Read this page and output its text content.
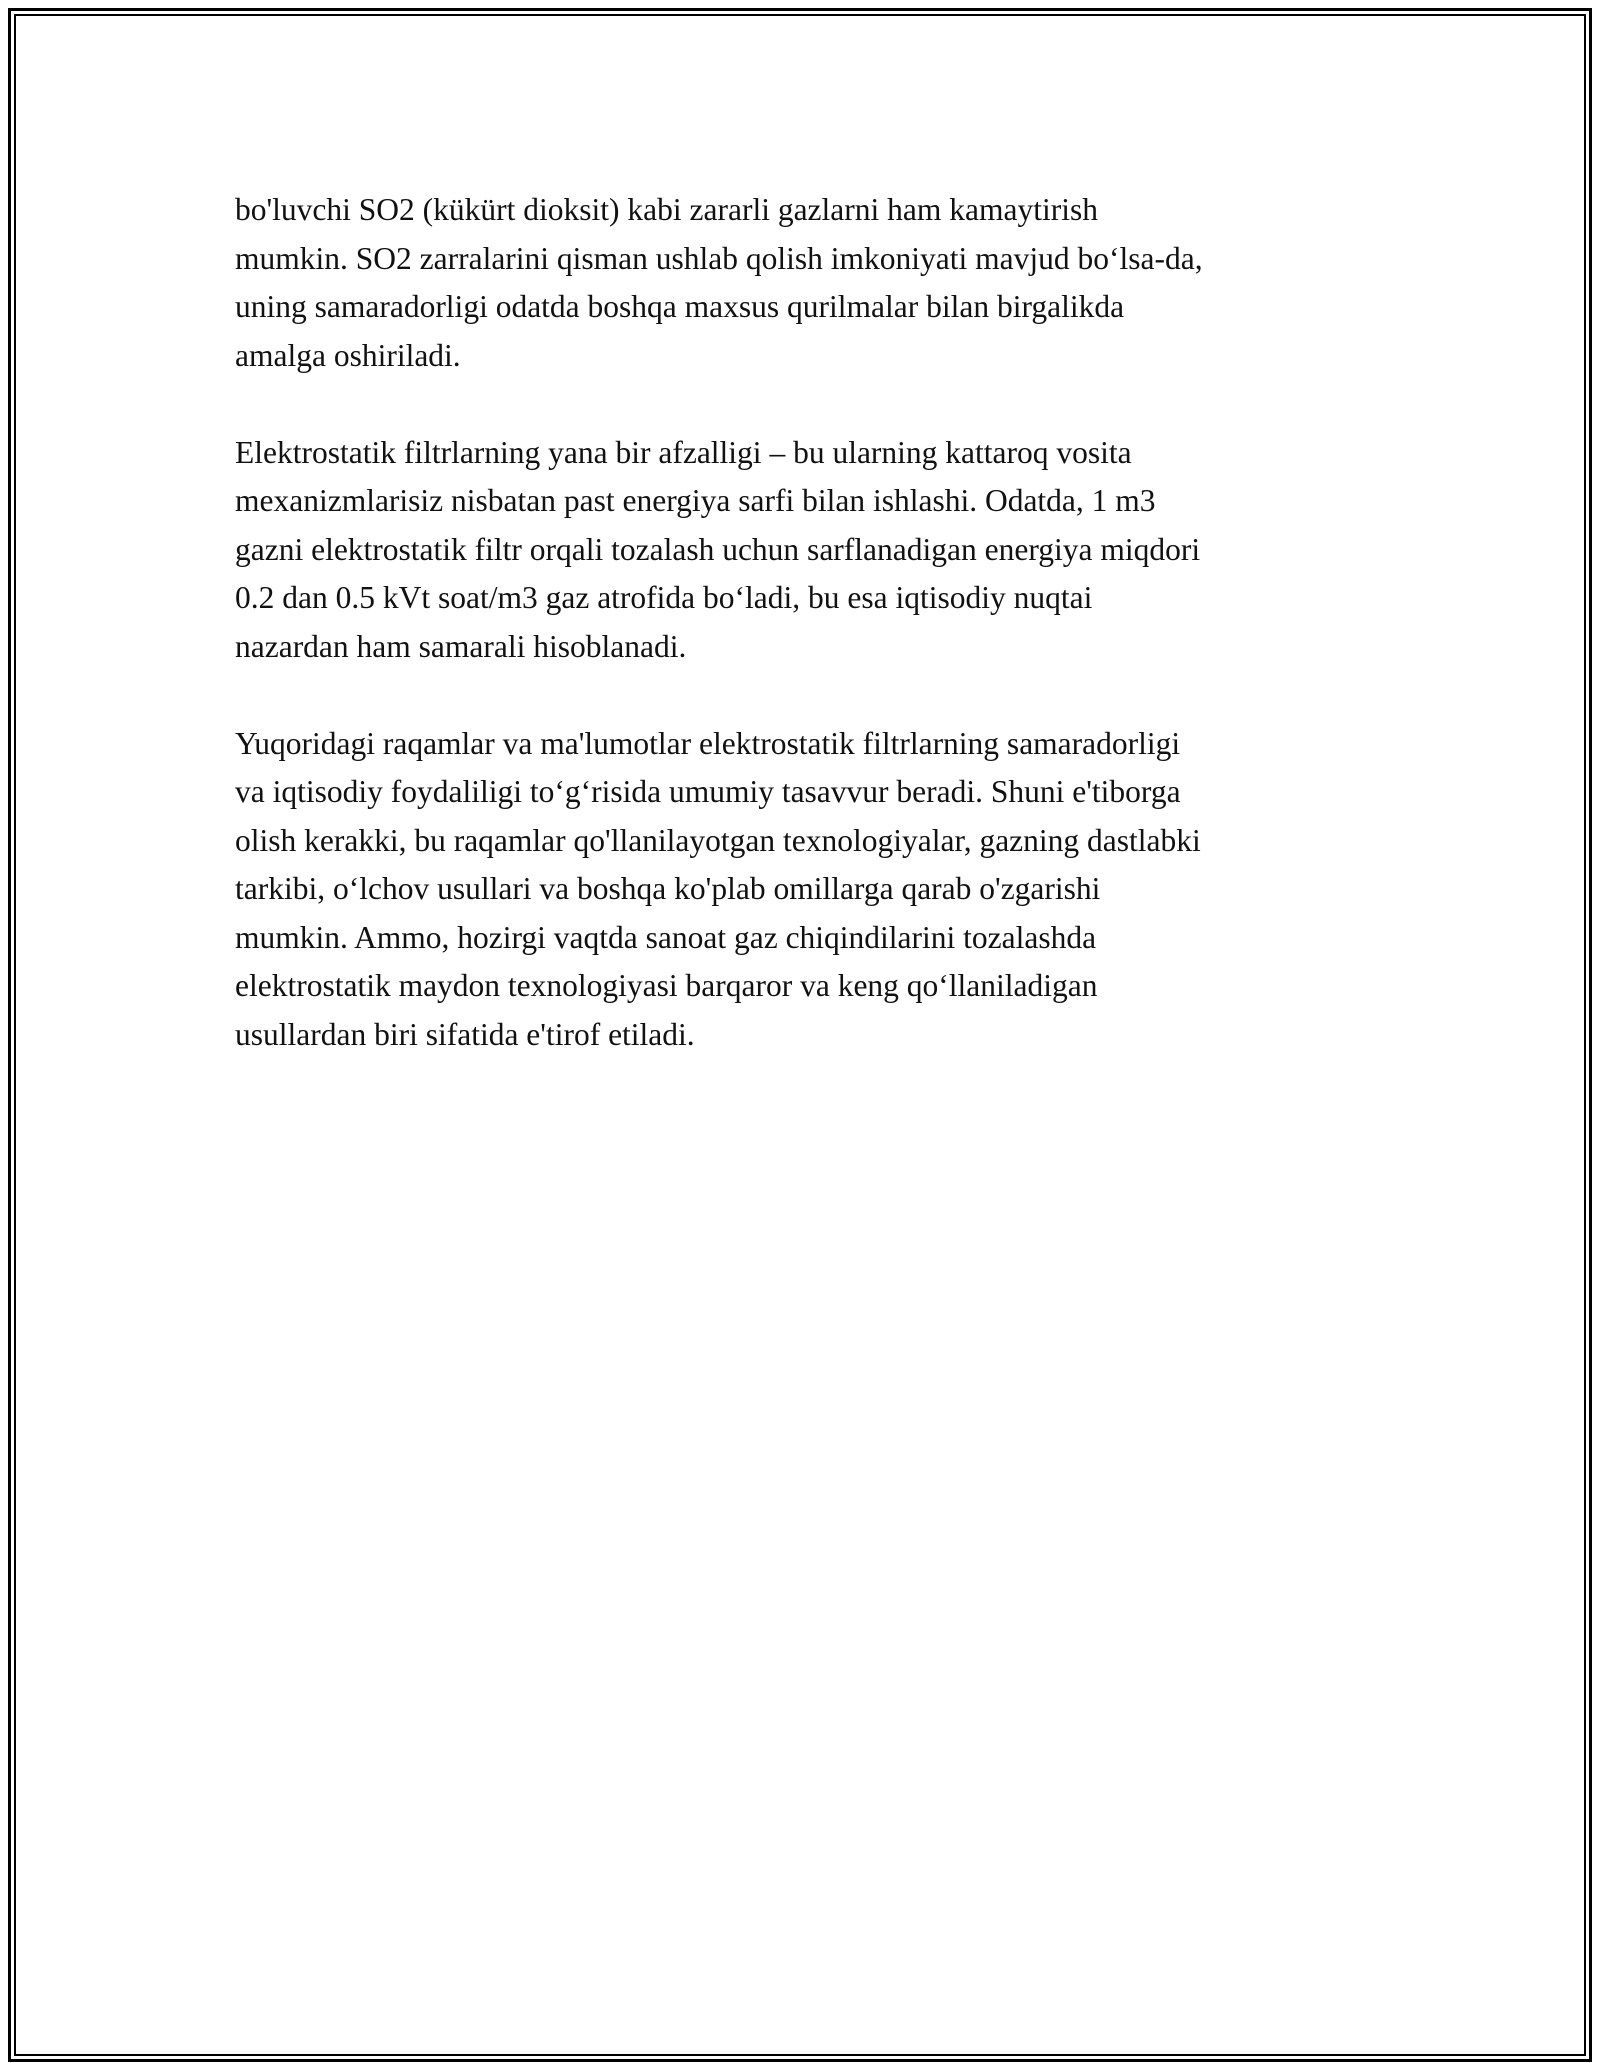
bo'luvchi SO2 (kükürt dioksit) kabi zararli gazlarni ham kamaytirish
mumkin. SO2 zarralarini qisman ushlab qolish imkoniyati mavjud bo‘lsa-da,
uning samaradorligi odatda boshqa maxsus qurilmalar bilan birgalikda
amalga oshiriladi.

Elektrostatik filtrlarning yana bir afzalligi – bu ularning kattaroq vosita
mexanizmlarisiz nisbatan past energiya sarfi bilan ishlashi. Odatda, 1 m3
gazni elektrostatik filtr orqali tozalash uchun sarflanadigan energiya miqdori
0.2 dan 0.5 kVt soat/m3 gaz atrofida bo‘ladi, bu esa iqtisodiy nuqtai
nazardan ham samarali hisoblanadi.

Yuqoridagi raqamlar va ma'lumotlar elektrostatik filtrlarning samaradorligi
va iqtisodiy foydaliligi to‘g‘risida umumiy tasavvur beradi. Shuni e'tiborga
olish kerakki, bu raqamlar qo'llanilayotgan texnologiyalar, gazning dastlabki
tarkibi, o‘lchov usullari va boshqa ko'plab omillarga qarab o'zgarishi
mumkin. Ammo, hozirgi vaqtda sanoat gaz chiqindilarini tozalashda
elektrostatik maydon texnologiyasi barqaror va keng qo‘llaniladigan
usullardan biri sifatida e'tirof etiladi.
